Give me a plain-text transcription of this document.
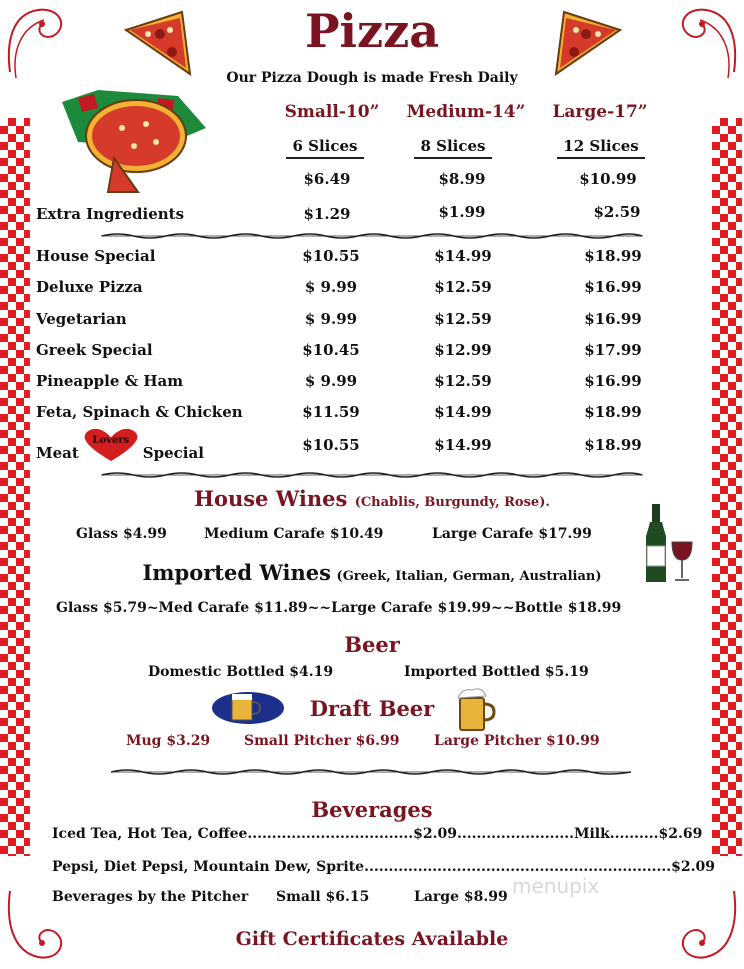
Pizza
Our Pizza Dough is made Fresh Daily
Small-10”	Medium-14”	Large-17”
6 Slices	8 Slices	12 Slices
$6.49	$8.99	$10.99
Extra Ingredients	$1.29	$1.99	$2.59
House Special	$10.55	$14.99	$18.99
Deluxe Pizza	$ 9.99	$12.59	$16.99
Vegetarian	$ 9.99	$12.59	$16.99
Greek Special	$10.45	$12.99	$17.99
Pineapple & Ham	$ 9.99	$12.59	$16.99
Feta, Spinach & Chicken	$11.59	$14.99	$18.99
Meat
Lovers
Special	$10.55	$14.99	$18.99
House Wines (Chablis, Burgundy, Rose).
Glass $4.99	Medium Carafe $10.49	Large Carafe $17.99
Imported Wines (Greek, Italian, German, Australian)
Glass $5.79~Med Carafe $11.89~~Large Carafe $19.99~~Bottle $18.99
Beer
Domestic Bottled $4.19	Imported Bottled $5.19
Draft Beer
Mug $3.29 Small Pitcher $6.99 Large Pitcher $10.99
Beverages
Iced Tea, Hot Tea, Coffee..................................$2.09........................Milk..........$2.69
Pepsi, Diet Pepsi, Mountain Dew, Sprite...............................................................$2.09
Beverages by the Pitcher Small $6.15	Large $8.99 menupix
Gift Certificates Available
